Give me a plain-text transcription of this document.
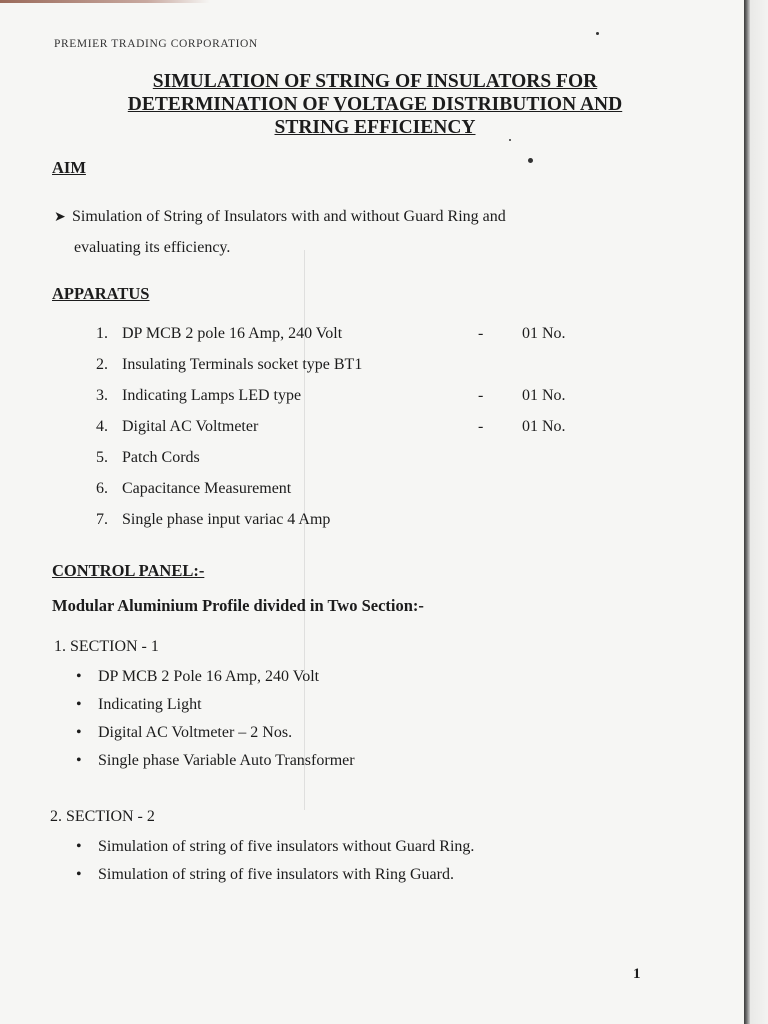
PREMIER TRADING CORPORATION
SIMULATION OF STRING OF INSULATORS FOR
DETERMINATION OF VOLTAGE DISTRIBUTION AND
STRING EFFICIENCY
AIM
➤ Simulation of String of Insulators with and without Guard Ring and
evaluating its efficiency.
APPARATUS
1. DP MCB 2 pole 16 Amp, 240 Volt	-	01 No.
2. Insulating Terminals socket type BT1
3. Indicating Lamps LED type	-	01 No.
4. Digital AC Voltmeter	-	01 No.
5. Patch Cords
6. Capacitance Measurement
7. Single phase input variac 4 Amp
CONTROL PANEL:-
Modular Aluminium Profile divided in Two Section:-
1. SECTION - 1
• DP MCB 2 Pole 16 Amp, 240 Volt
• Indicating Light
• Digital AC Voltmeter – 2 Nos.
• Single phase Variable Auto Transformer
2. SECTION - 2
• Simulation of string of five insulators without Guard Ring.
• Simulation of string of five insulators with Ring Guard.
1
